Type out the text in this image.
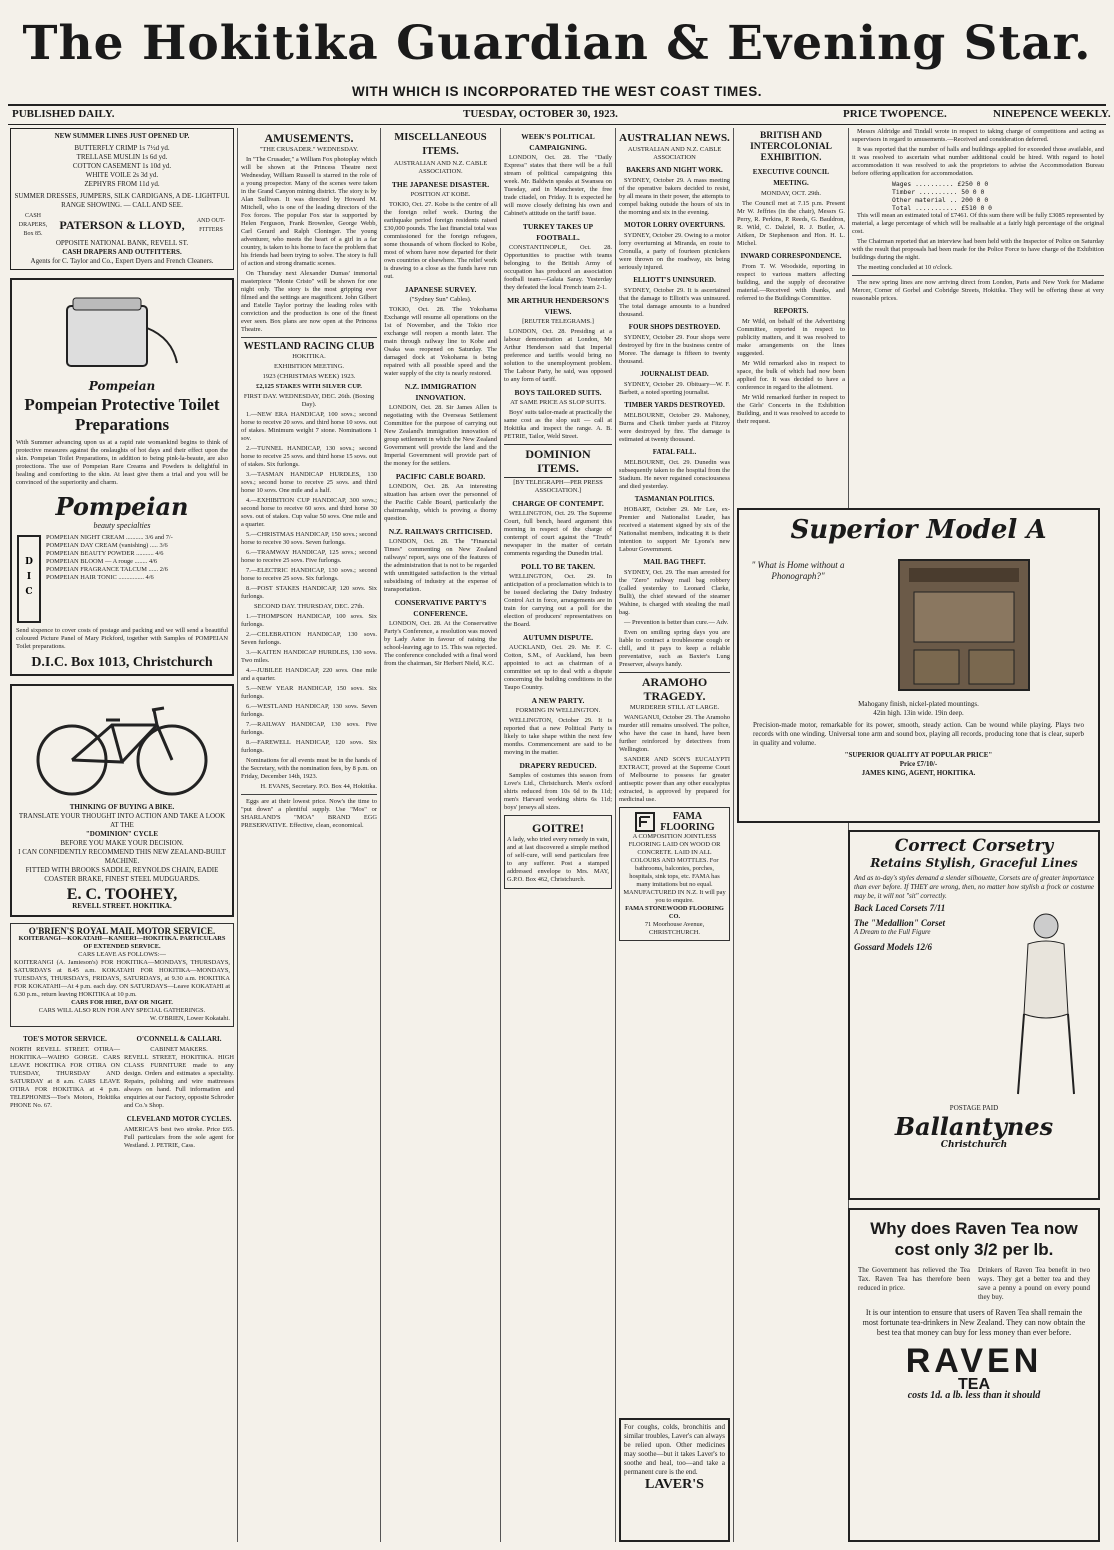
The Hokitika Guardian & Evening Star.
WITH WHICH IS INCORPORATED THE WEST COAST TIMES.
PUBLISHED DAILY.	TUESDAY, OCTOBER 30, 1923.	PRICE TWOPENCE.	NINEPENCE WEEKLY.
NEW SUMMER LINES JUST OPENED UP.
BUTTERFLY CRIMP 1s 7½d yd.
TRELLASE MUSLIN 1s 6d yd.
COTTON CASEMENT 1s 10d yd.
WHITE VOILE 2s 3d yd.
ZEPHYRS FROM 11d yd.
SUMMER DRESSES, JUMPERS, SILK CARDIGANS, A DE- LIGHTFUL RANGE SHOWING. — CALL AND SEE.
CASH DRAPERS, Box 85.
PATERSON & LLOYD,	AND OUT- FITTERS
OPPOSITE NATIONAL BANK, REVELL ST.
CASH DRAPERS AND OUTFITTERS.
Agents for C. Taylor and Co., Expert Dyers and French Cleaners.
Pompeian
Pompeian Protective Toilet Preparations
With Summer advancing upon us at a rapid rate womankind begins to think of protective measures against the onslaughts of hot days and their effect upon the skin. Pompeian Toilet Preparations, in addition to being pink-la-beaute, are also protections. The use of Pompeian Rare Creams and Powders is delightful in healing and comforting to the skin. At least give them a trial and you will be convinced of the superiority and charm.
Pompeian
beauty specialties
D
I
C
POMPEIAN NIGHT CREAM ........... 3/6 and 7/-
POMPEIAN DAY CREAM (vanishing) ..... 3/6
POMPEIAN BEAUTY POWDER ........... 4/6
POMPEIAN BLOOM — A rouge ........ 4/6
POMPEIAN FRAGRANCE TALCUM ...... 2/6
POMPEIAN HAIR TONIC ................ 4/6
Send sixpence to cover costs of postage and packing and we will send a beautiful coloured Picture Panel of Mary Pickford, together with Samples of POMPEIAN Toilet preparations.
D.I.C. Box 1013, Christchurch
THINKING OF BUYING A BIKE.
TRANSLATE YOUR THOUGHT INTO ACTION AND TAKE A LOOK AT THE
"DOMINION" CYCLE
BEFORE YOU MAKE YOUR DECISION.
I CAN CONFIDENTLY RECOMMEND THIS NEW ZEALAND-BUILT MACHINE.
FITTED WITH BROOKS SADDLE, REYNOLDS CHAIN, EADIE COASTER BRAKE, FINEST STEEL MUDGUARDS.
E. C. TOOHEY,
REVELL STREET. HOKITIKA.
O'BRIEN'S ROYAL MAIL MOTOR SERVICE.
KOITERANGI—KOKATAHI—KANIERI—HOKITIKA. PARTICULARS OF EXTENDED SERVICE.
CARS LEAVE AS FOLLOWS:—
KOITERANGI (A. Jamieson's) FOR HOKITIKA—MONDAYS, THURSDAYS, SATURDAYS at 8.45 a.m. KOKATAHI FOR HOKITIKA—MONDAYS, TUESDAYS, THURSDAYS, FRIDAYS, SATURDAYS, at 9.30 a.m. HOKITIKA FOR KOKATAHI—At 4 p.m. each day. ON SATURDAYS—Leave KOKATAHI at 6.30 p.m., return leaving HOKITIKA at 10 p.m.
CARS FOR HIRE, DAY OR NIGHT.
CARS WILL ALSO RUN FOR ANY SPECIAL GATHERINGS.
W. O'BRIEN, Lower Kokatahi.
TOE'S MOTOR SERVICE.
NORTH REVELL STREET. OTIRA—HOKITIKA—WAIHO GORGE. CARS LEAVE HOKITIKA FOR OTIRA ON TUESDAY, THURSDAY AND SATURDAY at 8 a.m. CARS LEAVE OTIRA FOR HOKITIKA at 4 p.m. TELEPHONES—Toe's Motors, Hokitika PHONE No. 67.
O'CONNELL & CALLARI.
CABINET MAKERS.
REVELL STREET, HOKITIKA. HIGH CLASS FURNITURE made to any design. Orders and estimates a speciality. Repairs, polishing and wire mattresses always on hand. Full information and enquiries at our Factory, opposite Schroder and Co.'s Shop.
CLEVELAND MOTOR CYCLES.
AMERICA'S best two stroke. Price £65. Full particulars from the sole agent for Westland. J. PETRIE, Cass.
AMUSEMENTS.
"THE CRUSADER." WEDNESDAY.

In "The Crusader," a William Fox photoplay which will be shown at the Princess Theatre next Wednesday, William Russell is starred in the role of a young prospector. Many of the scenes were taken in the Grand Canyon mining district. The story is by Alan Sullivan. It was directed by Howard M. Mitchell, who is one of the leading directors of the Fox forces. The popular Fox star is supported by Helen Ferguson, Frank Brownlee, George Webb, Carl Gerard and Ralph Cloninger. The young adventurer, who meets the heart of a girl in a far country, is taken to his home to face the problem that his friends had been trying to solve. The story is full of action and strong dramatic scenes.

On Thursday next Alexander Dumas' immortal masterpiece "Monte Cristo" will be shown for one night only. The story is the most gripping ever filmed and the settings are magnificent. John Gilbert and Estelle Taylor portray the leading roles with conviction and the production is one of the finest ever seen. Box plans are now open at the Princess Theatre.

WESTLAND RACING CLUB
HOKITIKA.
EXHIBITION MEETING.
1923 (CHRISTMAS WEEK) 1923.
£2,125 STAKES WITH SILVER CUP.
FIRST DAY. WEDNESDAY, DEC. 26th. (Boxing Day).

1.—NEW ERA HANDICAP, 100 sovs.; second horse to receive 20 sovs. and third horse 10 sovs. out of stakes. Minimum weight 7 stone. Nominations 1 sov.

2.—TUNNEL HANDICAP, 130 sovs.; second horse to receive 25 sovs. and third horse 15 sovs. out of stakes. Six furlongs.

3.—TASMAN HANDICAP HURDLES, 130 sovs.; second horse to receive 25 sovs. and third horse 10 sovs. One mile and a half.

4.—EXHIBITION CUP HANDICAP, 300 sovs.; second horse to receive 60 sovs. and third horse 30 sovs. out of stakes. Cup value 50 sovs. One mile and a quarter.

5.—CHRISTMAS HANDICAP, 150 sovs.; second horse to receive 30 sovs. Seven furlongs.

6.—TRAMWAY HANDICAP, 125 sovs.; second horse to receive 25 sovs. Five furlongs.

7.—ELECTRIC HANDICAP, 130 sovs.; second horse to receive 25 sovs. Six furlongs.

8.—POST STAKES HANDICAP, 120 sovs. Six furlongs.

SECOND DAY. THURSDAY, DEC. 27th.

1.—THOMPSON HANDICAP, 100 sovs. Six furlongs.

2.—CELEBRATION HANDICAP, 130 sovs. Seven furlongs.

3.—KAITEN HANDICAP HURDLES, 130 sovs. Two miles.

4.—JUBILEE HANDICAP, 220 sovs. One mile and a quarter.

5.—NEW YEAR HANDICAP, 150 sovs. Six furlongs.

6.—WESTLAND HANDICAP, 130 sovs. Seven furlongs.

7.—RAILWAY HANDICAP, 130 sovs. Five furlongs.

8.—FAREWELL HANDICAP, 120 sovs. Six furlongs.

Nominations for all events must be in the hands of the Secretary, with the nomination fees, by 8 p.m. on Friday, December 14th, 1923.

H. EVANS, Secretary. P.O. Box 44, Hokitika.

Eggs are at their lowest price. Now's the time to "put down" a plentiful supply. Use "Mos" or SHARLAND'S "MOA" BRAND EGG PRESERVATIVE. Effective, clean, economical.

MISCELLANEOUS ITEMS.
AUSTRALIAN AND N.Z. CABLE ASSOCIATION.
THE JAPANESE DISASTER.
POSITION AT KOBE.

TOKIO, Oct. 27. Kobe is the centre of all the foreign relief work. During the earthquake period foreign residents raised £30,000 pounds. The last financial total was commissioned for the foreign refugees, some thousands of whom flocked to Kobe, most of whom have now departed for their own countries or elsewhere. The relief work is drawing to a close as the funds have run out.

JAPANESE SURVEY.
("Sydney Sun" Cables).

TOKIO, Oct. 28. The Yokohama Exchange will resume all operations on the 1st of November, and the Tokio rice exchange will reopen a month later. The main through railway line to Kobe and Osaka was reopened on Saturday. The damaged dock at Yokohama is being repaired with all possible speed and the water supply of the city is nearly restored.

N.Z. IMMIGRATION INNOVATION.

LONDON, Oct. 28. Sir James Allen is negotiating with the Overseas Settlement Committee for the purpose of carrying out New Zealand's immigration innovation of group settlement in which the New Zealand Government will provide the land and the Imperial Government will provide part of the money for the settlers.

PACIFIC CABLE BOARD.

LONDON, Oct. 28. An interesting situation has arisen over the personnel of the Pacific Cable Board, particularly the chairmanship, which is proving a thorny question.

N.Z. RAILWAYS CRITICISED.

LONDON, Oct. 28. The "Financial Times" commenting on New Zealand railways' report, says one of the features of the administration that is not to be regarded with unmitigated satisfaction is the virtual subsidising of industry at the expense of transportation.

CONSERVATIVE PARTY'S CONFERENCE.

LONDON, Oct. 28. At the Conservative Party's Conference, a resolution was moved by Lady Astor in favour of raising the school-leaving age to 15. This was rejected. The conference concluded with a final word from the chairman, Sir Herbert Nield, K.C.

WEEK'S POLITICAL CAMPAIGNING.

LONDON, Oct. 28. The "Daily Express" states that there will be a full stream of political campaigning this week. Mr. Baldwin speaks at Swansea on Tuesday, and in Manchester, the free trade citadel, on Friday. It is expected he will move closely defining his own and Cabinet's attitude on the tariff issue.

TURKEY TAKES UP FOOTBALL.

CONSTANTINOPLE, Oct. 28. Opportunities to practise with teams belonging to the British Army of occupation has produced an association football team—Galata Saray. Yesterday they defeated the local French team 2-1.

MR ARTHUR HENDERSON'S VIEWS.
[REUTER TELEGRAMS.]

LONDON, Oct. 28. Presiding at a labour demonstration at London, Mr Arthur Henderson said that Imperial preference and tariffs would bring no solution to the unemployment problem. The Labour Party, he said, was opposed to any form of tariff.

BOYS TAILORED SUITS.
AT SAME PRICE AS SLOP SUITS.

Boys' suits tailor-made at practically the same cost as the slop suit — call at Hokitika and inspect the range. A. B. PETRIE, Tailor, Weld Street.

DOMINION ITEMS.
[BY TELEGRAPH—PER PRESS ASSOCIATION.]
CHARGE OF CONTEMPT.

WELLINGTON, Oct. 29. The Supreme Court, full bench, heard argument this morning in respect of the charge of contempt of court against the "Truth" newspaper in the matter of certain comments regarding the Dunedin trial.

POLL TO BE TAKEN.

WELLINGTON, Oct. 29. In anticipation of a proclamation which is to be issued declaring the Dairy Industry Control Act in force, arrangements are in train for carrying out a poll for the election of producers' representatives on the Board.

AUTUMN DISPUTE.

AUCKLAND, Oct. 29. Mr. F. C. Cotton, S.M., of Auckland, has been appointed to act as chairman of a committee set up to deal with a dispute concerning the building conditions in the Taupo Country.

A NEW PARTY.
FORMING IN WELLINGTON.

WELLINGTON, October 29. It is reported that a new Political Party is likely to take shape within the next few months. Commencement are said to be moving in the matter.

DRAPERY REDUCED.

Samples of costumes this season from Love's Ltd., Christchurch. Men's oxford shirts reduced from 10s 6d to 8s 11d; men's Harvard working shirts 6s 11d; boys' jerseys all sizes.

GOITRE!

A lady, who tried every remedy in vain, and at last discovered a simple method of self-cure, will send particulars free to any sufferer. Post a stamped addressed envelope to Mrs. MAY, G.P.O. Box 462, Christchurch.

AUSTRALIAN NEWS.
AUSTRALIAN AND N.Z. CABLE ASSOCIATION
BAKERS AND NIGHT WORK.

SYDNEY, October 29. A mass meeting of the operative bakers decided to resist, by all means in their power, the attempts to compel baking outside the hours of six in the morning and six in the evening.

MOTOR LORRY OVERTURNS.

SYDNEY, October 29. Owing to a motor lorry overturning at Miranda, en route to Cronulla, a party of fourteen picnickers were thrown on the roadway, six being seriously injured.

ELLIOTT'S UNINSURED.

SYDNEY, October 29. It is ascertained that the damage to Elliott's was uninsured. The total damage amounts to a hundred thousand.

FOUR SHOPS DESTROYED.

SYDNEY, October 29. Four shops were destroyed by fire in the business centre of Moree. The damage is fifteen to twenty thousand.

JOURNALIST DEAD.

SYDNEY, October 29. Obituary—W. F. Barbett, a noted sporting journalist.

TIMBER YARDS DESTROYED.

MELBOURNE, October 29. Mahoney, Burns and Cheik timber yards at Fitzroy were destroyed by fire. The damage is estimated at twenty thousand.

FATAL FALL.

MELBOURNE, Oct. 29. Dunedin was subsequently taken to the hospital from the Stadium. He never regained consciousness and died yesterday.

TASMANIAN POLITICS.

HOBART, October 29. Mr Lee, ex-Premier and Nationalist Leader, has received a statement signed by six of the Nationalist members, indicating it is their intention to support Mr Lyons's new Labour Government.

MAIL BAG THEFT.

SYDNEY, Oct. 29. The man arrested for the "Zero" railway mail bag robbery (called yesterday to Leonard Clarke, Bulli), the chief steward of the steamer Wahine, is charged with stealing the mail bag.

— Prevention is better than cure.— Adv.

Even on smiling spring days you are liable to contract a troublesome cough or chill, and it pays to keep a reliable preventative, such as Baxter's Lung Preserver, always handy.

ARAMOHO TRAGEDY.
MURDERER STILL AT LARGE.

WANGANUI, October 29. The Aramoho murder still remains unsolved. The police, who have the case in hand, have been further reinforced by detectives from Wellington.

SANDER AND SON'S EUCALYPTI EXTRACT, proved at the Supreme Court of Melbourne to possess far greater antiseptic power than any other eucalyptus extracted, is approved by prepared for medicinal use.

FAMA
FLOORING
A COMPOSITION JOINTLESS FLOORING LAID ON WOOD OR CONCRETE. LAID IN ALL COLOURS AND MOTTLES. For bathrooms, balconies, porches, hospitals, sink tops, etc. FAMA has many imitations but no equal. MANUFACTURED IN N.Z. It will pay you to enquire.
FAMA STONEWOOD FLOORING CO.
71 Moorhouse Avenue, CHRISTCHURCH.
BRITISH AND INTERCOLONIAL EXHIBITION.
EXECUTIVE COUNCIL MEETING.
MONDAY, OCT. 29th.

The Council met at 7.15 p.m. Present Mr W. Jeffries (in the chair), Messrs G. Perry, R. Perkins, P. Reeds, G. Bauldron, R. Wild, C. Dalziel, R. J. Butler, A. Aitken, Dr Stephenson and Hon. H. L. Michel.

INWARD CORRESPONDENCE.

From T. W. Woodside, reporting in respect to various matters affecting building, and the supply of decorative material.—Received with thanks, and referred to the Buildings Committee.

REPORTS.

Mr Wild, on behalf of the Advertising Committee, reported in respect to publicity matters, and it was resolved to make arrangements on the lines suggested.

Mr Wild remarked also in respect to space, the bulk of which had now been applied for. It was decided to have a conference in regard to the allotment.

Mr Wild remarked further in respect to the Girls' Concerts in the Exhibition Building, and it was resolved to accede to their request.

Messrs Aldridge and Tindall wrote in respect to taking charge of competitions and acting as supervisors in regard to amusements.—Received and consideration deferred.

It was reported that the number of halls and buildings applied for exceeded those available, and it was resolved to ascertain what number additional could be hired. With regard to hotel accommodation it was resolved to ask the proprietors to advise the Accommodation Bureau before offering application for accommodation.

Wages .......... £250 0 0
Timber .......... 50 0 0
Other material .. 200 0 0
Total ........... £510 0 0

This will mean an estimated total of £7461. Of this sum there will be fully £3085 represented by material, a large percentage of which will be realisable at a fairly high percentage of the original cost.

The Chairman reported that an interview had been held with the Inspector of Police on Saturday with the result that proposals had been made for the Police Force to have charge of the Exhibition buildings during the night.

The meeting concluded at 10 o'clock.

The new spring lines are now arriving direct from London, Paris and New York for Madame Mercer, Corner of Gorbel and Cobridge Streets, Hokitika. They will be offering these at very reasonable prices.

Superior Model A
" What is Home without a Phonograph?"
Mahogany finish, nickel-plated mountings.
42in high. 13in wide. 19in deep.
Precision-made motor, remarkable for its power, smooth, steady action. Can be wound while playing. Plays two records with one winding. Universal tone arm and sound box, playing all records, producing tone that is clear, superb in quality and volume.
"SUPERIOR QUALITY AT POPULAR PRICE"
Price £7/10/-
JAMES KING, AGENT, HOKITIKA.
Correct Corsetry
Retains Stylish, Graceful Lines
And as to-day's styles demand a slender silhouette, Corsets are of greater importance than ever before. If THEY are wrong, then, no matter how stylish a frock or costume may be, it will not "sit" correctly.
Back Laced Corsets 7/11
The "Medallion" Corset
A Dream to the Full Figure
Gossard Models 12/6
POSTAGE PAID
Ballantynes
Christchurch
For coughs, colds, bronchitis and similar troubles, Laver's can always be relied upon. Other medicines may soothe—but it takes Laver's to soothe and heal, too—and take a permanent cure is the end.
LAVER'S
Why does Raven Tea now cost only 3/2 per lb.
The Government has relieved the Tea Tax. Raven Tea has therefore been reduced in price.
Drinkers of Raven Tea benefit in two ways. They get a better tea and they save a penny a pound on every pound they buy.
It is our intention to ensure that users of Raven Tea shall remain the most fortunate tea-drinkers in New Zealand. They can now obtain the best tea that money can buy for less money than ever before.
RAVEN
TEA
costs 1d. a lb. less than it should
